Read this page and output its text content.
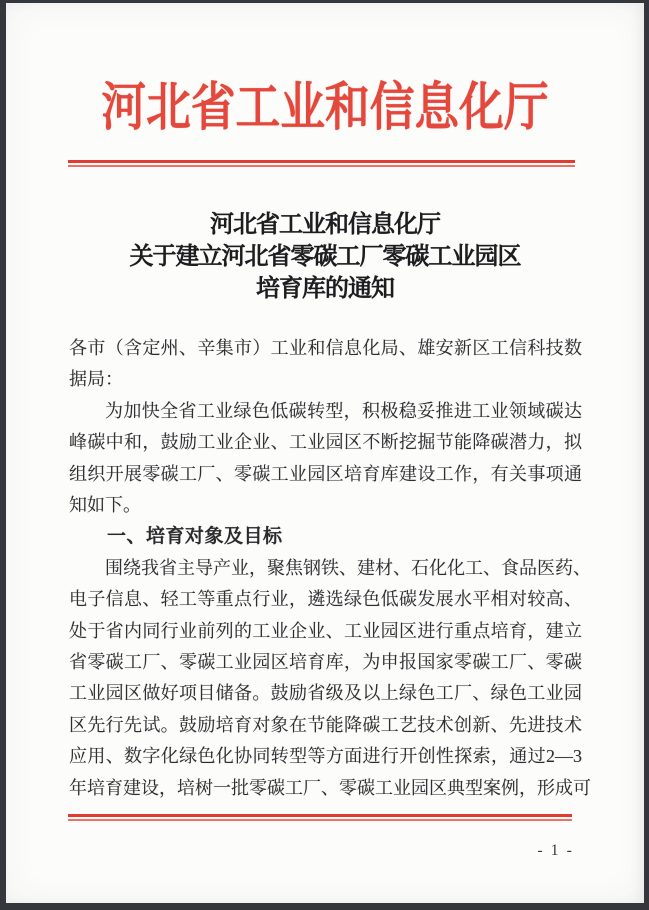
河北省工业和信息化厅
河北省工业和信息化厅
关于建立河北省零碳工厂零碳工业园区
培育库的通知
各市（含定州、辛集市）工业和信息化局、雄安新区工信科技数
据局：
为加快全省工业绿色低碳转型，积极稳妥推进工业领域碳达
峰碳中和，鼓励工业企业、工业园区不断挖掘节能降碳潜力，拟
组织开展零碳工厂、零碳工业园区培育库建设工作，有关事项通
知如下。
一、培育对象及目标
围绕我省主导产业，聚焦钢铁、建材、石化化工、食品医药、
电子信息、轻工等重点行业，遴选绿色低碳发展水平相对较高、
处于省内同行业前列的工业企业、工业园区进行重点培育，建立
省零碳工厂、零碳工业园区培育库，为申报国家零碳工厂、零碳
工业园区做好项目储备。鼓励省级及以上绿色工厂、绿色工业园
区先行先试。鼓励培育对象在节能降碳工艺技术创新、先进技术
应用、数字化绿色化协同转型等方面进行开创性探索，通过2—3
年培育建设，培树一批零碳工厂、零碳工业园区典型案例，形成可
- 1 -
